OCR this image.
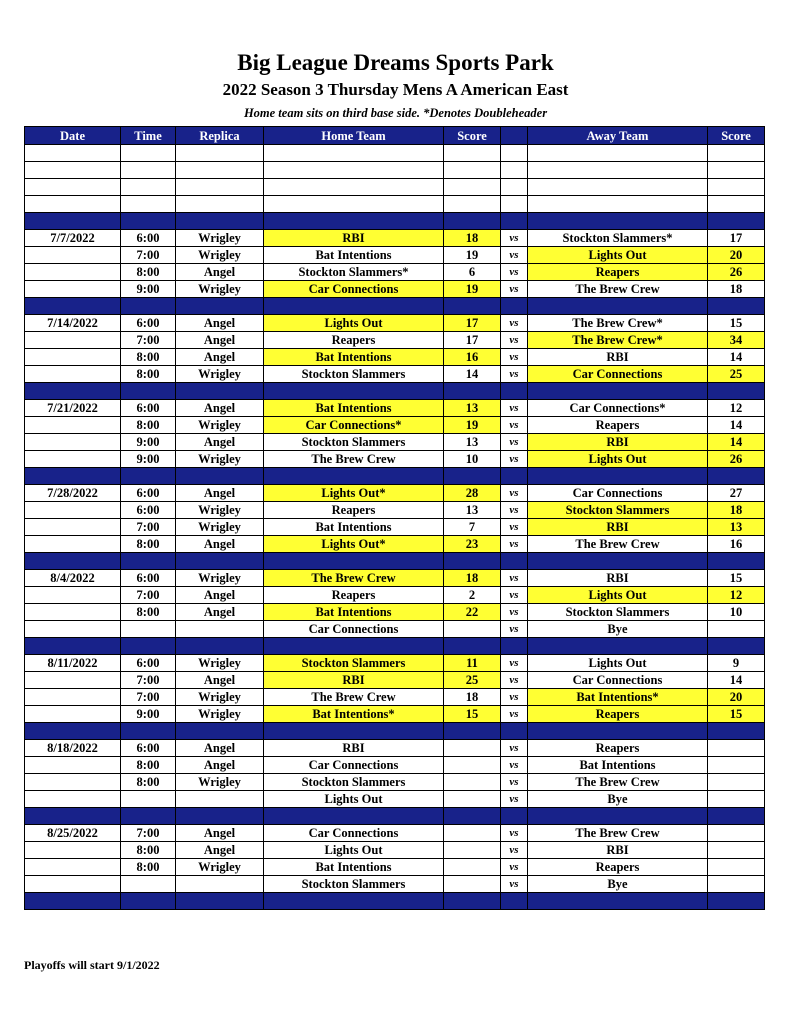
Big League Dreams Sports Park
2022 Season 3 Thursday Mens A American East
Home team sits on third base side. *Denotes Doubleheader
Date	Time	Replica	Home Team	Score		Away Team	Score

7/7/2022	6:00	Wrigley	RBI	18	vs	Stockton Slammers*	17
	7:00	Wrigley	Bat Intentions	19	vs	Lights Out	20
	8:00	Angel	Stockton Slammers*	6	vs	Reapers	26
	9:00	Wrigley	Car Connections	19	vs	The Brew Crew	18

7/14/2022	6:00	Angel	Lights Out	17	vs	The Brew Crew*	15
	7:00	Angel	Reapers	17	vs	The Brew Crew*	34
	8:00	Angel	Bat Intentions	16	vs	RBI	14
	8:00	Wrigley	Stockton Slammers	14	vs	Car Connections	25

7/21/2022	6:00	Angel	Bat Intentions	13	vs	Car Connections*	12
	8:00	Wrigley	Car Connections*	19	vs	Reapers	14
	9:00	Angel	Stockton Slammers	13	vs	RBI	14
	9:00	Wrigley	The Brew Crew	10	vs	Lights Out	26

7/28/2022	6:00	Angel	Lights Out*	28	vs	Car Connections	27
	6:00	Wrigley	Reapers	13	vs	Stockton Slammers	18
	7:00	Wrigley	Bat Intentions	7	vs	RBI	13
	8:00	Angel	Lights Out*	23	vs	The Brew Crew	16

8/4/2022	6:00	Wrigley	The Brew Crew	18	vs	RBI	15
	7:00	Angel	Reapers	2	vs	Lights Out	12
	8:00	Angel	Bat Intentions	22	vs	Stockton Slammers	10
			Car Connections		vs	Bye	

8/11/2022	6:00	Wrigley	Stockton Slammers	11	vs	Lights Out	9
	7:00	Angel	RBI	25	vs	Car Connections	14
	7:00	Wrigley	The Brew Crew	18	vs	Bat Intentions*	20
	9:00	Wrigley	Bat Intentions*	15	vs	Reapers	15

8/18/2022	6:00	Angel	RBI		vs	Reapers	
	8:00	Angel	Car Connections		vs	Bat Intentions	
	8:00	Wrigley	Stockton Slammers		vs	The Brew Crew	
			Lights Out		vs	Bye	

8/25/2022	7:00	Angel	Car Connections		vs	The Brew Crew	
	8:00	Angel	Lights Out		vs	RBI	
	8:00	Wrigley	Bat Intentions		vs	Reapers	
			Stockton Slammers		vs	Bye	

Playoffs will start 9/1/2022
